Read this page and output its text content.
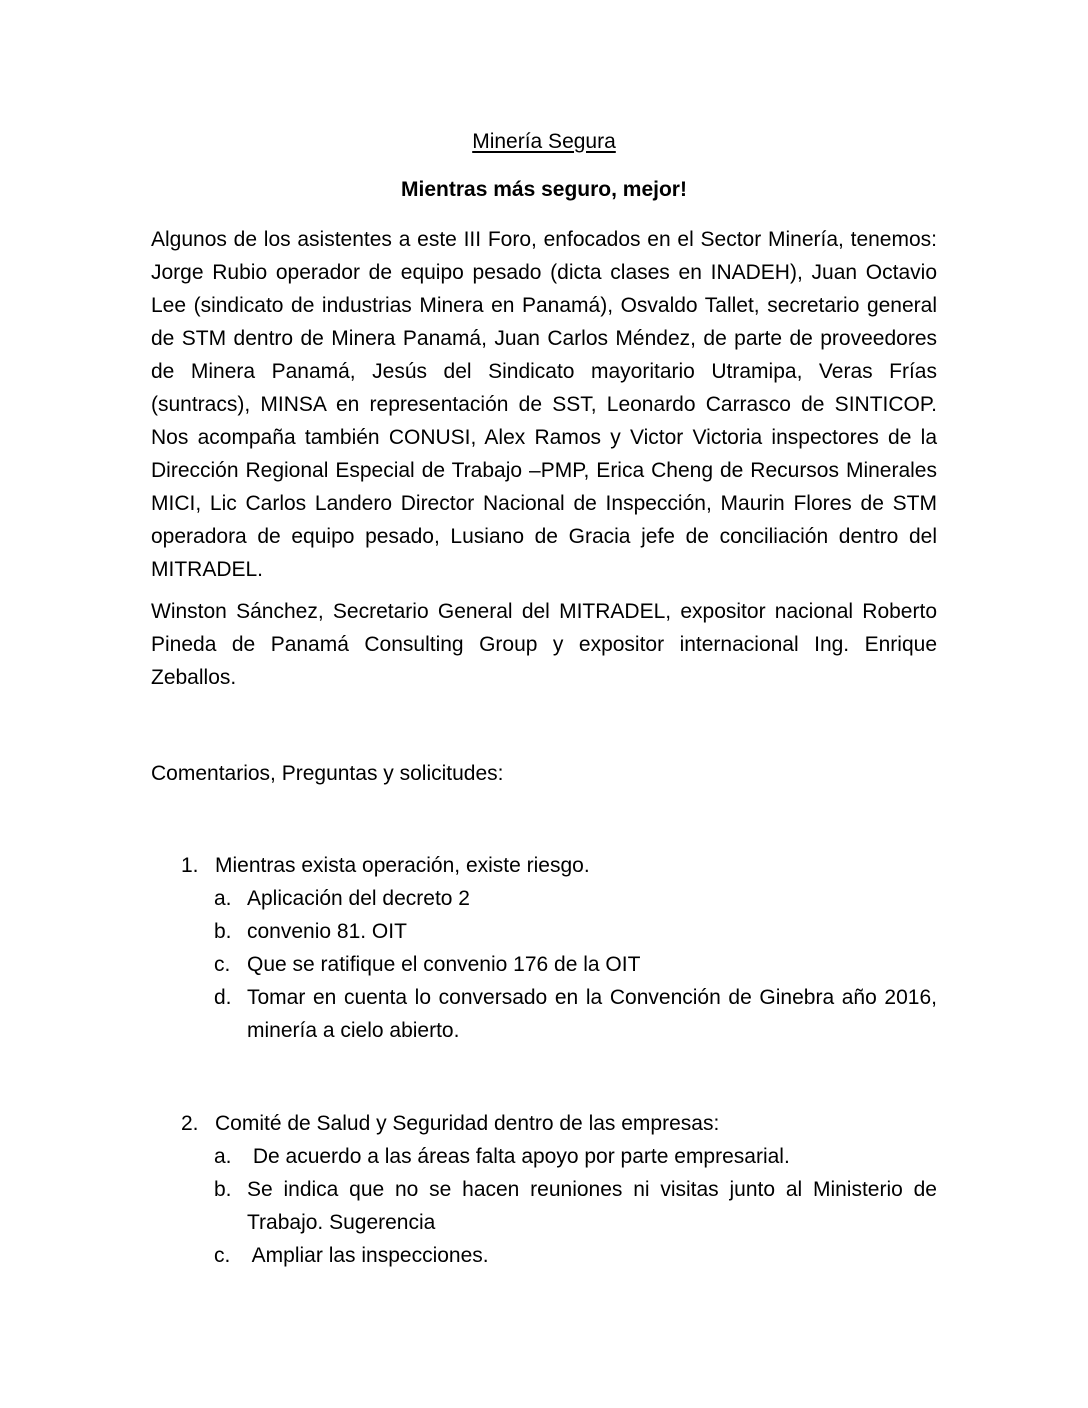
Minería Segura
Mientras más seguro, mejor!

Algunos de los asistentes a este III Foro, enfocados en el Sector Minería, tenemos: Jorge Rubio operador de equipo pesado (dicta clases en INADEH), Juan Octavio Lee (sindicato de industrias Minera en Panamá), Osvaldo Tallet, secretario general de STM dentro de Minera Panamá, Juan Carlos Méndez, de parte de proveedores de Minera Panamá, Jesús del Sindicato mayoritario Utramipa, Veras Frías (suntracs), MINSA en representación de SST, Leonardo Carrasco de SINTICOP. Nos acompaña también CONUSI, Alex Ramos y Victor Victoria inspectores de la Dirección Regional Especial de Trabajo –PMP, Erica Cheng de Recursos Minerales MICI, Lic Carlos Landero Director Nacional de Inspección, Maurin Flores de STM operadora de equipo pesado, Lusiano de Gracia jefe de conciliación dentro del MITRADEL.

Winston Sánchez, Secretario General del MITRADEL, expositor nacional Roberto Pineda de Panamá Consulting Group y expositor internacional Ing. Enrique Zeballos.

Comentarios, Preguntas y solicitudes:

1. Mientras exista operación, existe riesgo.
a. Aplicación del decreto 2
b. convenio 81. OIT
c. Que se ratifique el convenio 176 de la OIT
d. Tomar en cuenta lo conversado en la Convención de Ginebra año 2016, minería a cielo abierto.
2. Comité de Salud y Seguridad dentro de las empresas:
a. De acuerdo a las áreas falta apoyo por parte empresarial.
b. Se indica que no se hacen reuniones ni visitas junto al Ministerio de Trabajo. Sugerencia
c. Ampliar las inspecciones.
